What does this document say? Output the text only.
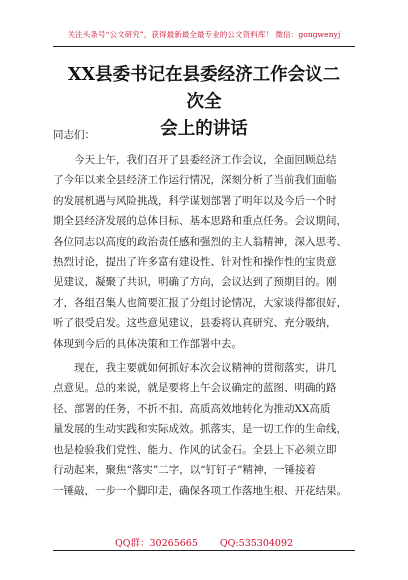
关注头条号“公文研究”，获得最新最全最专业的公文资料库！ 微信：gongwenyj
XX县委书记在县委经济工作会议二次全
会上的讲话
同志们：
　　今天上午，我们召开了县委经济工作会议，全面回顾总结
了今年以来全县经济工作运行情况，深刻分析了当前我们面临
的发展机遇与风险挑战，科学谋划部署了明年以及今后一个时
期全县经济发展的总体目标、基本思路和重点任务。会议期间，
各位同志以高度的政治责任感和强烈的主人翁精神，深入思考、
热烈讨论，提出了许多富有建设性、针对性和操作性的宝贵意
见建议，凝聚了共识，明确了方向，会议达到了预期目的。刚
才，各组召集人也简要汇报了分组讨论情况，大家谈得都很好，
听了很受启发。这些意见建议，县委将认真研究、充分吸纳，
体现到今后的具体决策和工作部署中去。
　　现在，我主要就如何抓好本次会议精神的贯彻落实，讲几
点意见。总的来说，就是要将上午会议确定的蓝图、明确的路
径、部署的任务，不折不扣、高质高效地转化为推动XX高质
量发展的生动实践和实际成效。抓落实，是一切工作的生命线，
也是检验我们党性、能力、作风的试金石。全县上下必须立即
行动起来，聚焦“落实”二字，以“钉钉子”精神，一锤接着
一锤敲，一步一个脚印走，确保各项工作落地生根、开花结果。
QQ群：30265665 QQ:535304092
